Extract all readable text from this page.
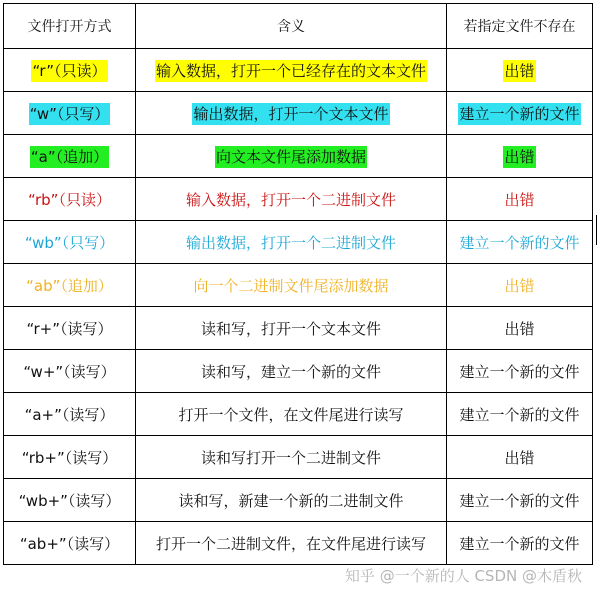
文件打开方式	含义	若指定文件不存在
“r”（只读）	输入数据，打开一个已经存在的文本文件	出错
“w”（只写）	输出数据，打开一个文本文件	建立一个新的文件
“a”（追加）	向文本文件尾添加数据	出错
“rb”（只读）	输入数据，打开一个二进制文件	出错
“wb”（只写）	输出数据，打开一个二进制文件	建立一个新的文件
“ab”（追加）	向一个二进制文件尾添加数据	出错
“r+”（读写）	读和写，打开一个文本文件	出错
“w+”（读写）	读和写，建立一个新的文件	建立一个新的文件
“a+”（读写）	打开一个文件，在文件尾进行读写	建立一个新的文件
“rb+”（读写）	读和写打开一个二进制文件	出错
“wb+”（读写）	读和写，新建一个新的二进制文件	建立一个新的文件
“ab+”（读写）	打开一个二进制文件，在文件尾进行读写	建立一个新的文件
知乎 @一个新的人 CSDN @木盾秋
